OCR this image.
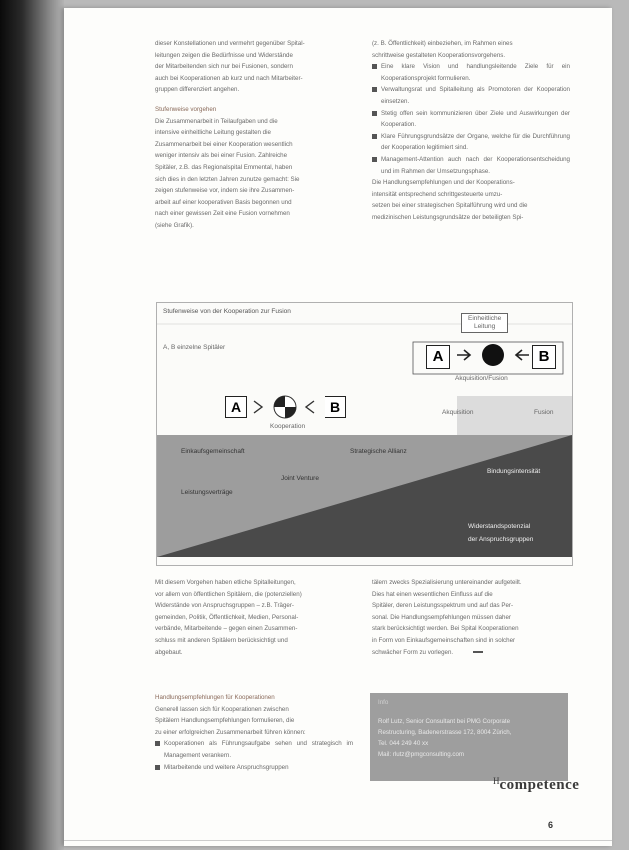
dieser Konstellationen und vermehrt gegenüber Spital-

leitungen zeigen die Bedürfnisse und Widerstände

der Mitarbeitenden sich nur bei Fusionen, sondern

auch bei Kooperationen ab kurz und nach Mitarbeiter-

gruppen differenziert angehen.

Stufenweise vorgehen

Die Zusammenarbeit in Teilaufgaben und die

intensive einheitliche Leitung gestalten die

Zusammenarbeit bei einer Kooperation wesentlich

weniger intensiv als bei einer Fusion. Zahlreiche

Spitäler, z.B. das Regionalspital Emmental, haben

sich dies in den letzten Jahren zunutze gemacht: Sie

zeigen stufenweise vor, indem sie ihre Zusammen-

arbeit auf einer kooperativen Basis begonnen und

nach einer gewissen Zeit eine Fusion vornehmen

(siehe Grafik).

(z. B. Öffentlichkeit) einbeziehen, im Rahmen eines

schrittweise gestalteten Kooperationsvorgehens.

Eine klare Vision und handlungsleitende Ziele für ein Kooperationsprojekt formulieren.

Verwaltungsrat und Spitalleitung als Promotoren der Kooperation einsetzen.

Stetig offen sein kommunizieren über Ziele und Auswirkungen der Kooperation.

Klare Führungsgrundsätze der Organe, welche für die Durchführung der Kooperation legitimiert sind.

Management-Attention auch nach der Kooperationsentscheidung und im Rahmen der Umsetzungsphase.

Die Handlungsempfehlungen und der Kooperations-

intensität entsprechend schrittgesteuerte umzu-

setzen bei einer strategischen Spitalführung wird und die

medizinischen Leistungsgrundsätze der beteiligten Spi-

Stufenweise von der Kooperation zur Fusion
A, B einzelne Spitäler
Einheitliche
Leitung
A	B
Kooperation
A	B
Akquisition/Fusion
Akquisition	Fusion
Einkaufsgemeinschaft	Strategische Allianz
Joint Venture
Leistungsverträge
Bindungsintensität
Widerstandspotenzial
der Anspruchsgruppen

Mit diesem Vorgehen haben etliche Spitalleitungen,

vor allem von öffentlichen Spitälern, die (potenziellen)

Widerstände von Anspruchsgruppen – z.B. Träger-

gemeinden, Politik, Öffentlichkeit, Medien, Personal-

verbände, Mitarbeitende – gegen einen Zusammen-

schluss mit anderen Spitälern berücksichtigt und

abgebaut.

tälern zwecks Spezialisierung untereinander aufgeteilt.

Dies hat einen wesentlichen Einfluss auf die

Spitäler, deren Leistungsspektrum und auf das Per-

sonal. Die Handlungsempfehlungen müssen daher

stark berücksichtigt werden. Bei Spital Kooperationen

in Form von Einkaufsgemeinschaften sind in solcher

schwächer Form zu vorlegen.

Handlungsempfehlungen für Kooperationen

Generell lassen sich für Kooperationen zwischen

Spitälern Handlungsempfehlungen formulieren, die

zu einer erfolgreichen Zusammenarbeit führen können:

Kooperationen als Führungsaufgabe sehen und strategisch im Management verankern.

Mitarbeitende und weitere Anspruchsgruppen

Info

Rolf Lutz, Senior Consultant bei PMG Corporate

Restructuring, Badenerstrasse 172, 8004 Zürich,

Tel. 044 249 40 xx

Mail: rlutz@pmgconsulting.com

$^H$competence
6
